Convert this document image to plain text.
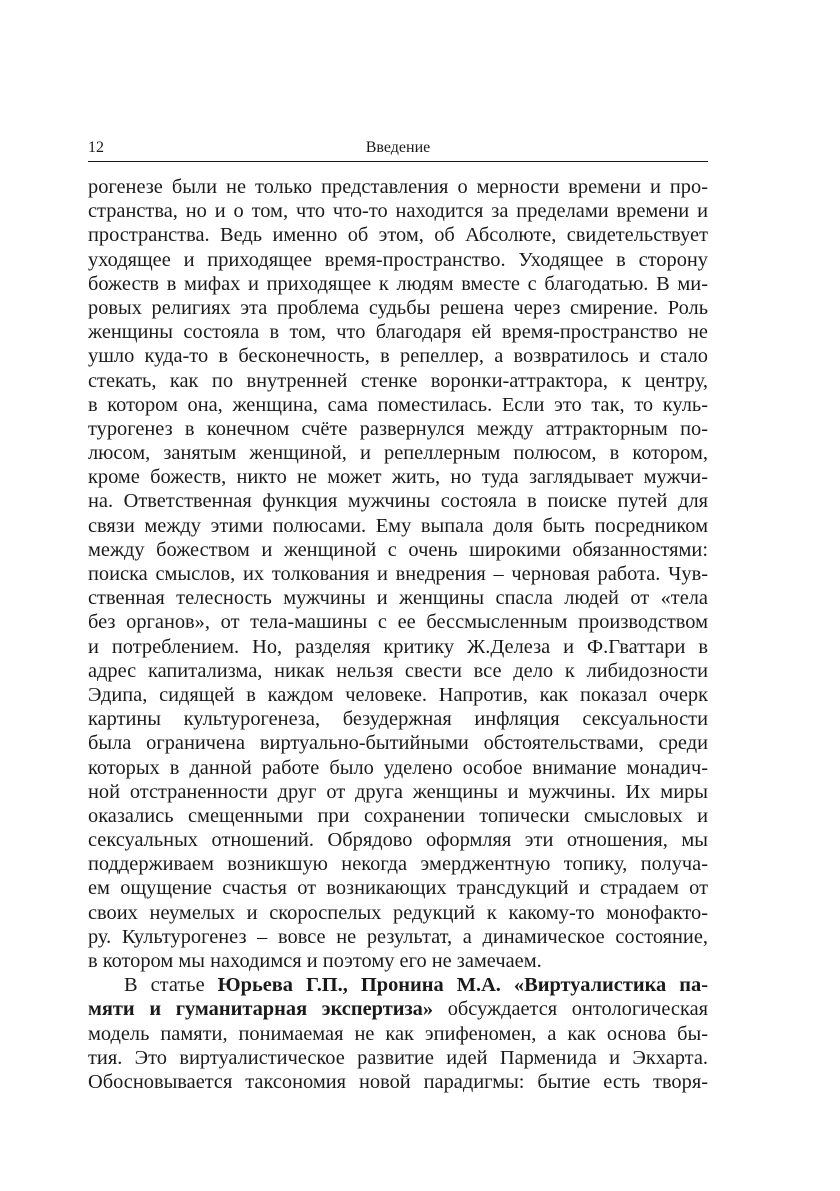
12	Введение
рогенезе были не только представления о мерности времени и про-
странства, но и о том, что что-то находится за пределами времени и
пространства. Ведь именно об этом, об Абсолюте, свидетельствует
уходящее и приходящее время-пространство. Уходящее в сторону
божеств в мифах и приходящее к людям вместе с благодатью. В ми-
ровых религиях эта проблема судьбы решена через смирение. Роль
женщины состояла в том, что благодаря ей время-пространство не
ушло куда-то в бесконечность, в репеллер, а возвратилось и стало
стекать, как по внутренней стенке воронки-аттрактора, к центру,
в котором она, женщина, сама поместилась. Если это так, то куль-
турогенез в конечном счёте развернулся между аттракторным по-
люсом, занятым женщиной, и репеллерным полюсом, в котором,
кроме божеств, никто не может жить, но туда заглядывает мужчи-
на. Ответственная функция мужчины состояла в поиске путей для
связи между этими полюсами. Ему выпала доля быть посредником
между божеством и женщиной с очень широкими обязанностями:
поиска смыслов, их толкования и внедрения – черновая работа. Чув-
ственная телесность мужчины и женщины спасла людей от «тела
без органов», от тела-машины с ее бессмысленным производством
и потреблением. Но, разделяя критику Ж.Делеза и Ф.Гваттари в
адрес капитализма, никак нельзя свести все дело к либидозности
Эдипа, сидящей в каждом человеке. Напротив, как показал очерк
картины культурогенеза, безудержная инфляция сексуальности
была ограничена виртуально-бытийными обстоятельствами, среди
которых в данной работе было уделено особое внимание монадич-
ной отстраненности друг от друга женщины и мужчины. Их миры
оказались смещенными при сохранении топически смысловых и
сексуальных отношений. Обрядово оформляя эти отношения, мы
поддерживаем возникшую некогда эмерджентную топику, получа-
ем ощущение счастья от возникающих трансдукций и страдаем от
своих неумелых и скороспелых редукций к какому-то монофакто-
ру. Культурогенез – вовсе не результат, а динамическое состояние,
в котором мы находимся и поэтому его не замечаем.
В статье Юрьева Г.П., Пронина М.А. «Виртуалистика па-
мяти и гуманитарная экспертиза» обсуждается онтологическая
модель памяти, понимаемая не как эпифеномен, а как основа бы-
тия. Это виртуалистическое развитие идей Парменида и Экхарта.
Обосновывается таксономия новой парадигмы: бытие есть творя-
